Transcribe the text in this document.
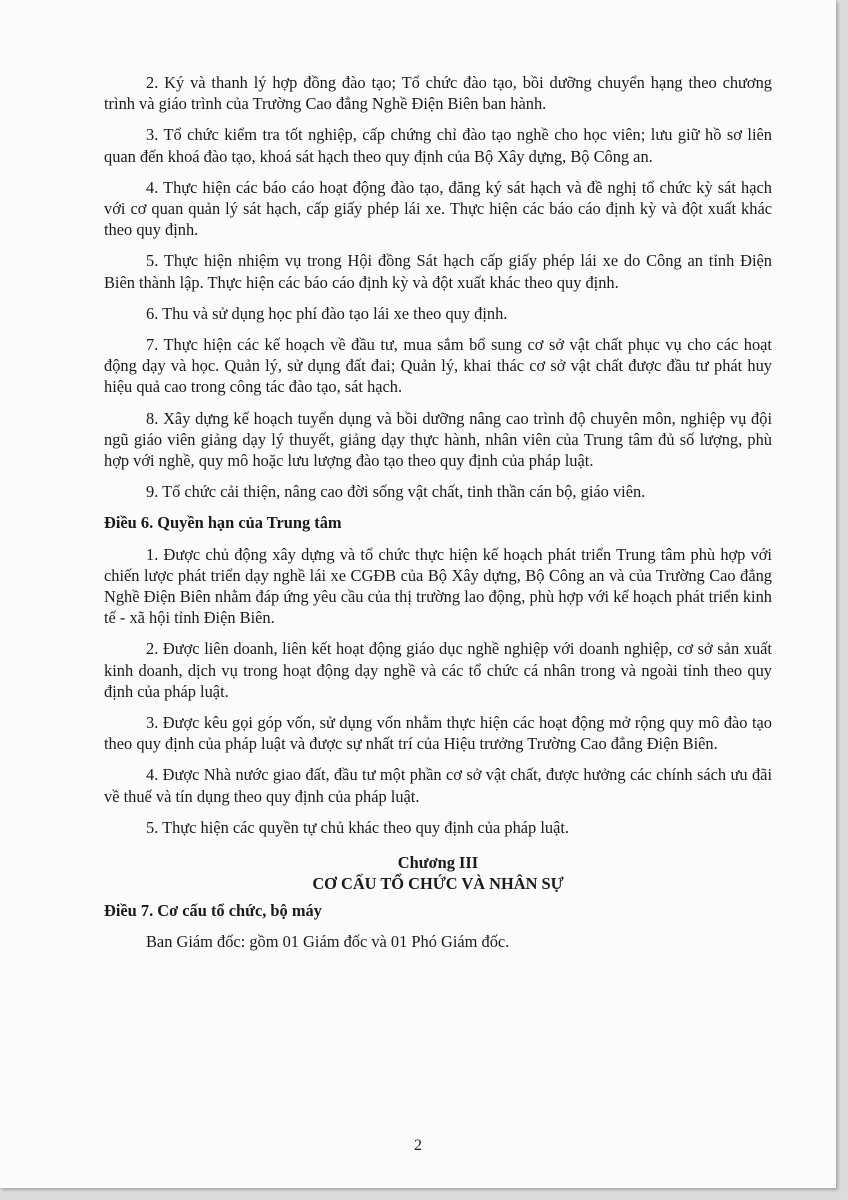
2. Ký và thanh lý hợp đồng đào tạo; Tổ chức đào tạo, bồi dưỡng chuyển hạng theo chương trình và giáo trình của Trường Cao đẳng Nghề Điện Biên ban hành.

3. Tổ chức kiểm tra tốt nghiệp, cấp chứng chỉ đào tạo nghề cho học viên; lưu giữ hồ sơ liên quan đến khoá đào tạo, khoá sát hạch theo quy định của Bộ Xây dựng, Bộ Công an.

4. Thực hiện các báo cáo hoạt động đào tạo, đăng ký sát hạch và đề nghị tổ chức kỳ sát hạch với cơ quan quản lý sát hạch, cấp giấy phép lái xe. Thực hiện các báo cáo định kỳ và đột xuất khác theo quy định.

5. Thực hiện nhiệm vụ trong Hội đồng Sát hạch cấp giấy phép lái xe do Công an tỉnh Điện Biên thành lập. Thực hiện các báo cáo định kỳ và đột xuất khác theo quy định.

6. Thu và sử dụng học phí đào tạo lái xe theo quy định.

7. Thực hiện các kế hoạch về đầu tư, mua sắm bổ sung cơ sở vật chất phục vụ cho các hoạt động dạy và học. Quản lý, sử dụng đất đai; Quản lý, khai thác cơ sở vật chất được đầu tư phát huy hiệu quả cao trong công tác đào tạo, sát hạch.

8. Xây dựng kế hoạch tuyển dụng và bồi dưỡng nâng cao trình độ chuyên môn, nghiệp vụ đội ngũ giáo viên giảng dạy lý thuyết, giảng dạy thực hành, nhân viên của Trung tâm đủ số lượng, phù hợp với nghề, quy mô hoặc lưu lượng đào tạo theo quy định của pháp luật.

9. Tổ chức cải thiện, nâng cao đời sống vật chất, tinh thần cán bộ, giáo viên.

Điều 6. Quyền hạn của Trung tâm

1. Được chủ động xây dựng và tổ chức thực hiện kế hoạch phát triển Trung tâm phù hợp với chiến lược phát triển dạy nghề lái xe CGĐB của Bộ Xây dựng, Bộ Công an và của Trường Cao đẳng Nghề Điện Biên nhằm đáp ứng yêu cầu của thị trường lao động, phù hợp với kế hoạch phát triển kinh tế - xã hội tỉnh Điện Biên.

2. Được liên doanh, liên kết hoạt động giáo dục nghề nghiệp với doanh nghiệp, cơ sở sản xuất kinh doanh, dịch vụ trong hoạt động dạy nghề và các tổ chức cá nhân trong và ngoài tỉnh theo quy định của pháp luật.

3. Được kêu gọi góp vốn, sử dụng vốn nhằm thực hiện các hoạt động mở rộng quy mô đào tạo theo quy định của pháp luật và được sự nhất trí của Hiệu trưởng Trường Cao đẳng Điện Biên.

4. Được Nhà nước giao đất, đầu tư một phần cơ sở vật chất, được hưởng các chính sách ưu đãi về thuế và tín dụng theo quy định của pháp luật.

5. Thực hiện các quyền tự chủ khác theo quy định của pháp luật.

Chương III

CƠ CẤU TỔ CHỨC VÀ NHÂN SỰ

Điều 7. Cơ cấu tổ chức, bộ máy

Ban Giám đốc: gồm 01 Giám đốc và 01 Phó Giám đốc.

2
